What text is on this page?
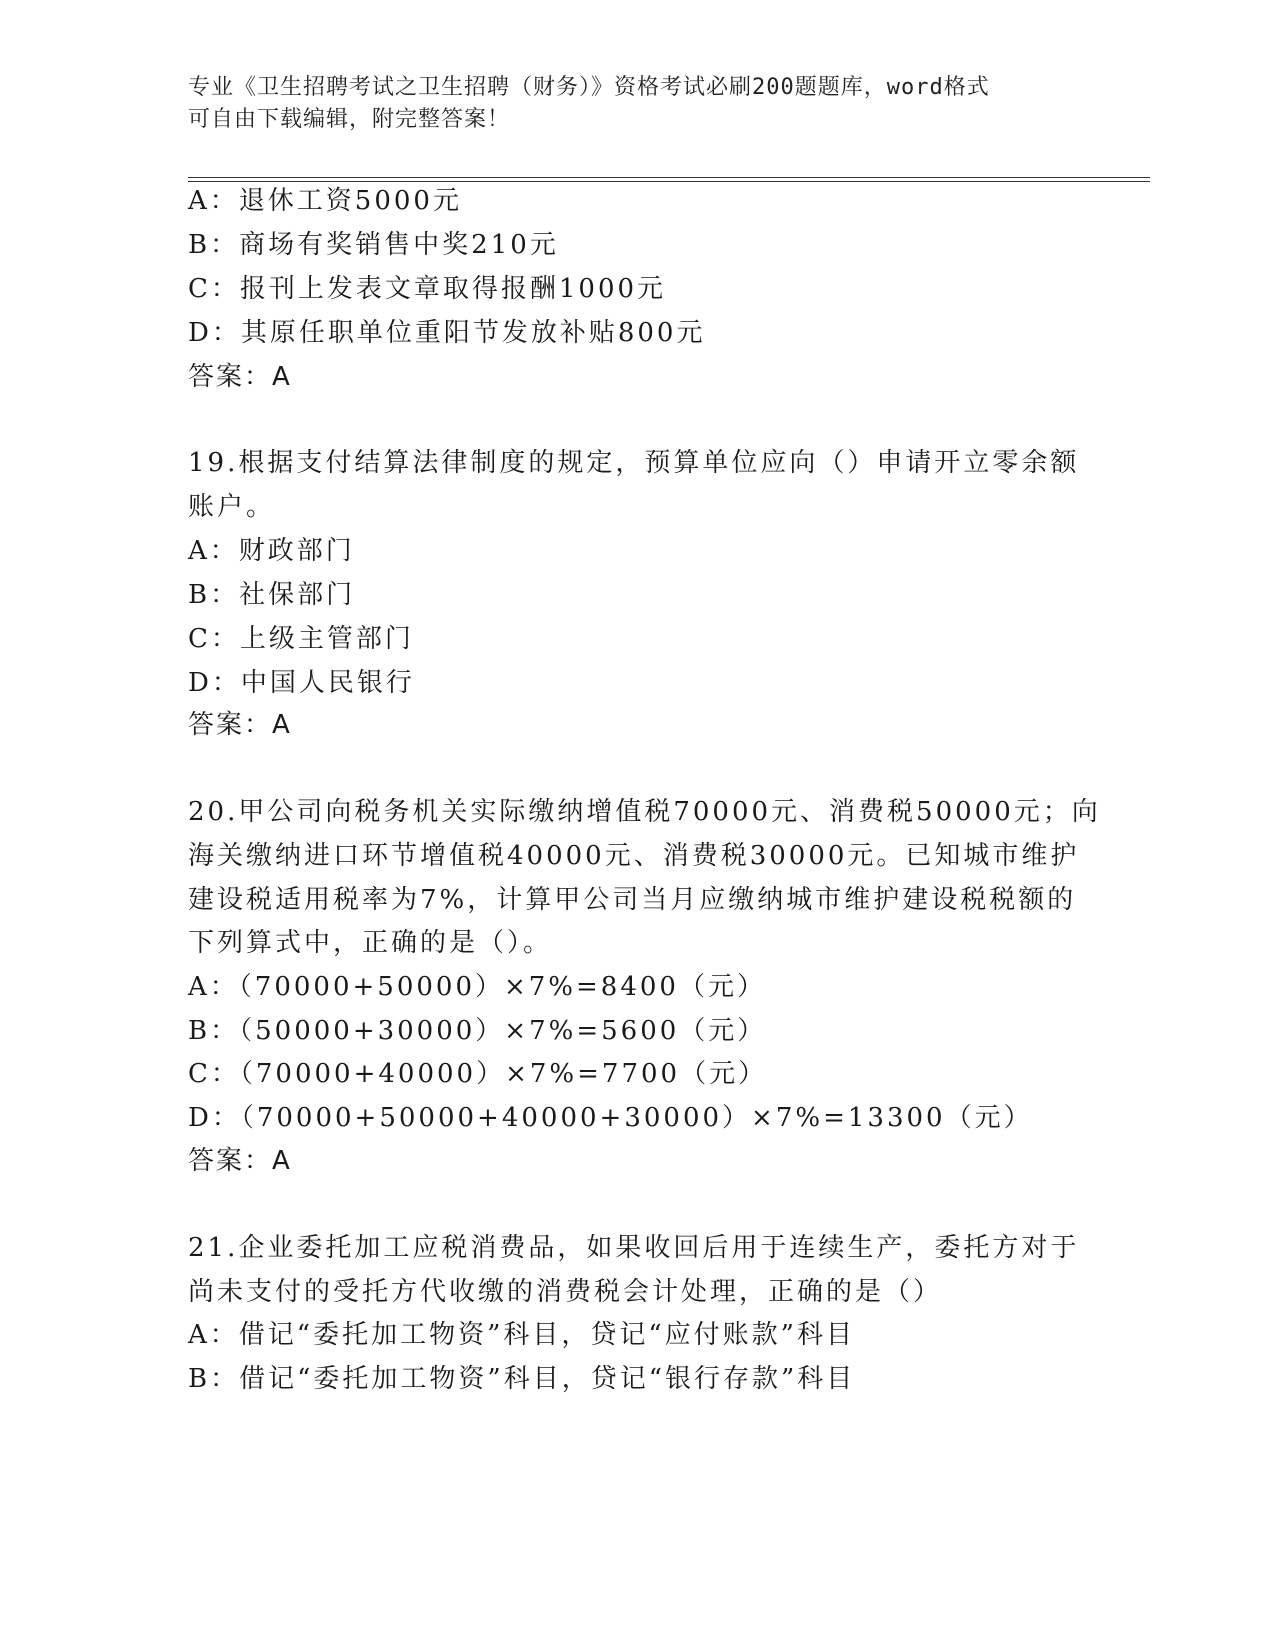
专业《卫生招聘考试之卫生招聘（财务）》资格考试必刷200题题库，word格式
可自由下载编辑，附完整答案！
A：退休工资5000元
B：商场有奖销售中奖210元
C：报刊上发表文章取得报酬1000元
D：其原任职单位重阳节发放补贴800元
答案：A
19.根据支付结算法律制度的规定，预算单位应向（）申请开立零余额
账户。
A：财政部门
B：社保部门
C：上级主管部门
D：中国人民银行
答案：A
20.甲公司向税务机关实际缴纳增值税70000元、消费税50000元；向
海关缴纳进口环节增值税40000元、消费税30000元。已知城市维护
建设税适用税率为7%，计算甲公司当月应缴纳城市维护建设税税额的
下列算式中，正确的是（）。
A：（70000+50000）×7%=8400（元）
B：（50000+30000）×7%=5600（元）
C：（70000+40000）×7%=7700（元）
D：（70000+50000+40000+30000）×7%=13300（元）
答案：A
21.企业委托加工应税消费品，如果收回后用于连续生产，委托方对于
尚未支付的受托方代收缴的消费税会计处理，正确的是（）
A：借记“委托加工物资”科目，贷记“应付账款”科目
B：借记“委托加工物资”科目，贷记“银行存款”科目
